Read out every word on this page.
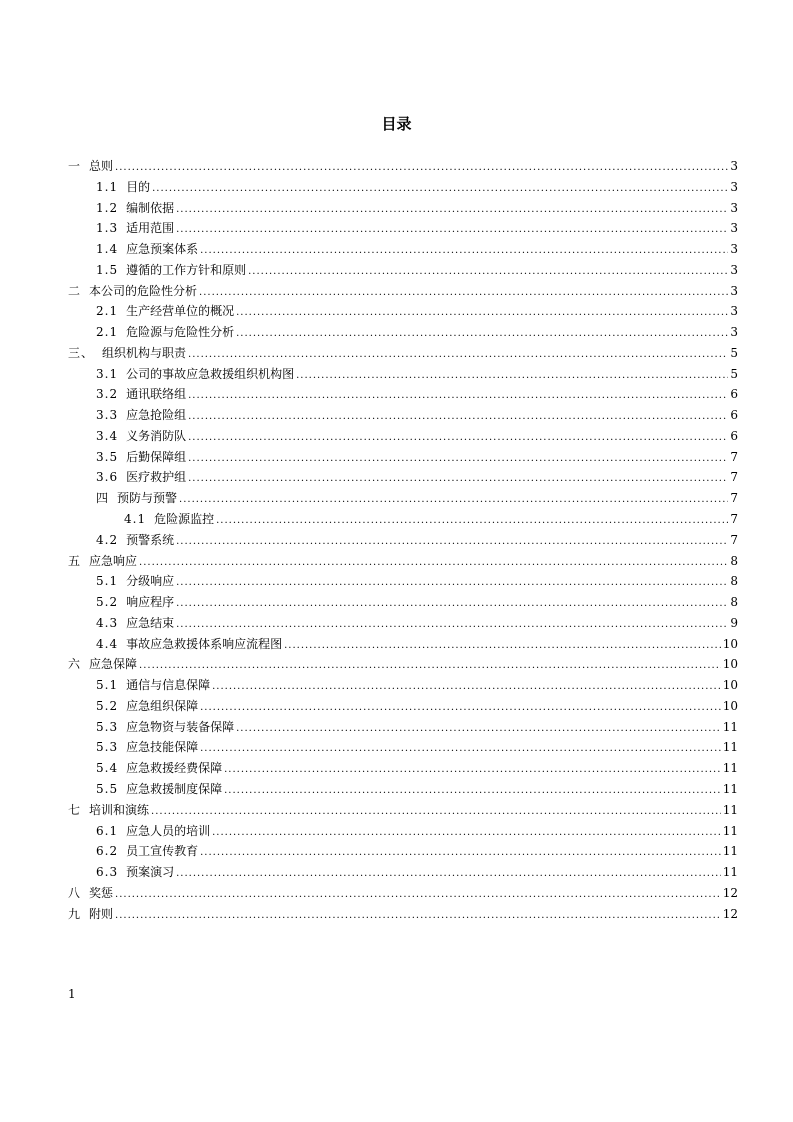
目录
一 总则 .....	3
1.1 目的 .....	3
1.2 编制依据 .....	3
1.3 适用范围 .....	3
1.4 应急预案体系 .....	3
1.5 遵循的工作方针和原则 .....	3
二 本公司的危险性分析 .....	3
2.1 生产经营单位的概况 .....	3
2.1 危险源与危险性分析 .....	3
三、 组织机构与职责 .....	5
3.1 公司的事故应急救援组织机构图 .....	5
3.2 通讯联络组 .....	6
3.3 应急抢险组 .....	6
3.4 义务消防队 .....	6
3.5 后勤保障组 .....	7
3.6 医疗救护组 .....	7
四 预防与预警 .....	7
4.1 危险源监控 .....	7
4.2 预警系统 .....	7
五 应急响应 .....	8
5.1 分级响应 .....	8
5.2 响应程序 .....	8
4.3 应急结束 .....	9
4.4 事故应急救援体系响应流程图 .....	10
六 应急保障 .....	10
5.1 通信与信息保障 .....	10
5.2 应急组织保障 .....	10
5.3 应急物资与装备保障 .....	11
5.3 应急技能保障 .....	11
5.4 应急救援经费保障 .....	11
5.5 应急救援制度保障 .....	11
七 培训和演练 .....	11
6.1 应急人员的培训 .....	11
6.2 员工宣传教育 .....	11
6.3 预案演习 .....	11
八 奖惩 .....	12
九 附则 .....	12
1
